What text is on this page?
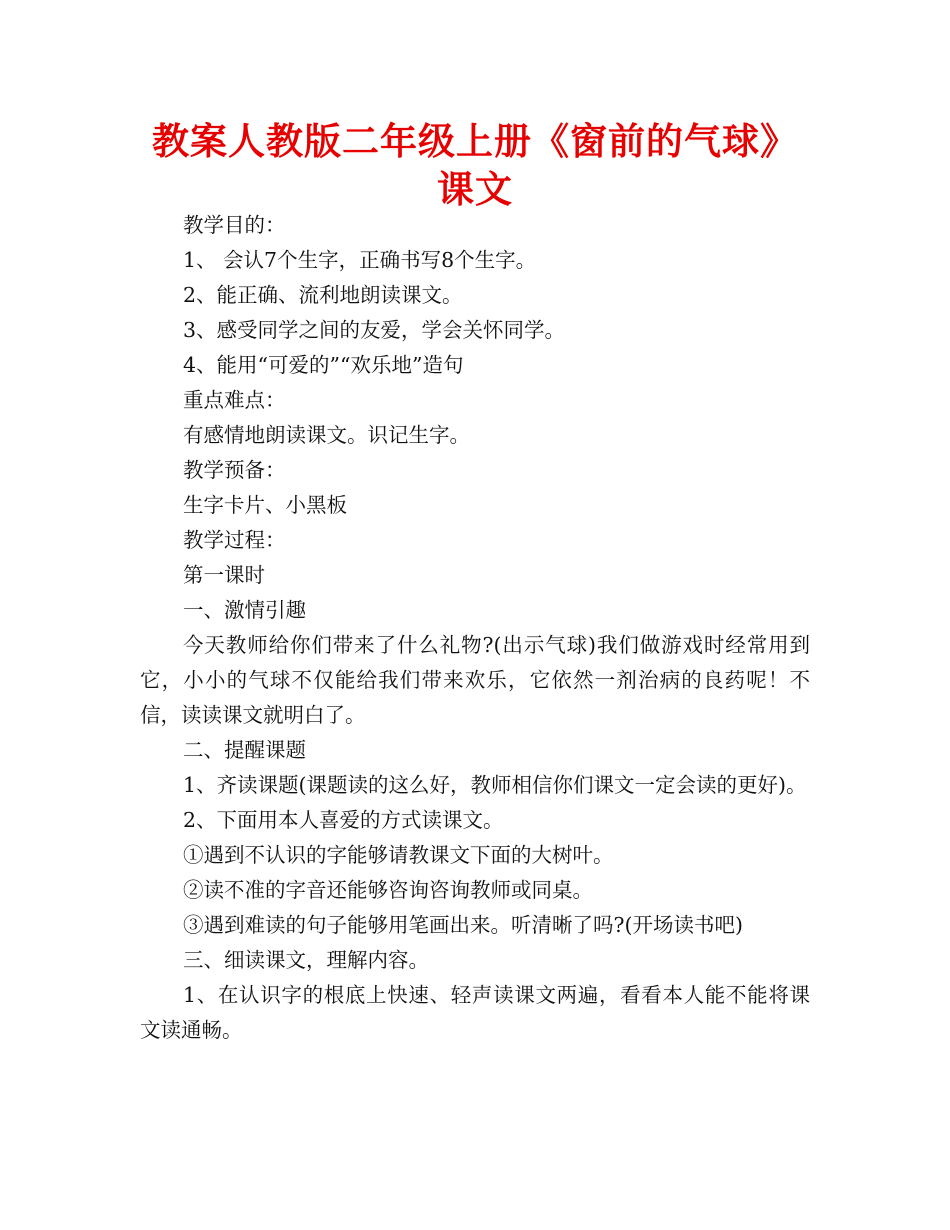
教案人教版二年级上册《窗前的气球》课文

教学目的：

1、 会认7个生字，正确书写8个生字。

2、能正确、流利地朗读课文。

3、感受同学之间的友爱，学会关怀同学。

4、能用“可爱的”“欢乐地”造句

重点难点：

有感情地朗读课文。识记生字。

教学预备：

生字卡片、小黑板

教学过程：

第一课时

一、激情引趣

今天教师给你们带来了什么礼物?(出示气球)我们做游戏时经常用到它，小小的气球不仅能给我们带来欢乐，它依然一剂治病的良药呢！不信，读读课文就明白了。

二、提醒课题

1、齐读课题(课题读的这么好，教师相信你们课文一定会读的更好)。

2、下面用本人喜爱的方式读课文。

①遇到不认识的字能够请教课文下面的大树叶。

②读不准的字音还能够咨询咨询教师或同桌。

③遇到难读的句子能够用笔画出来。听清晰了吗?(开场读书吧)

三、细读课文，理解内容。

1、在认识字的根底上快速、轻声读课文两遍，看看本人能不能将课文读通畅。
